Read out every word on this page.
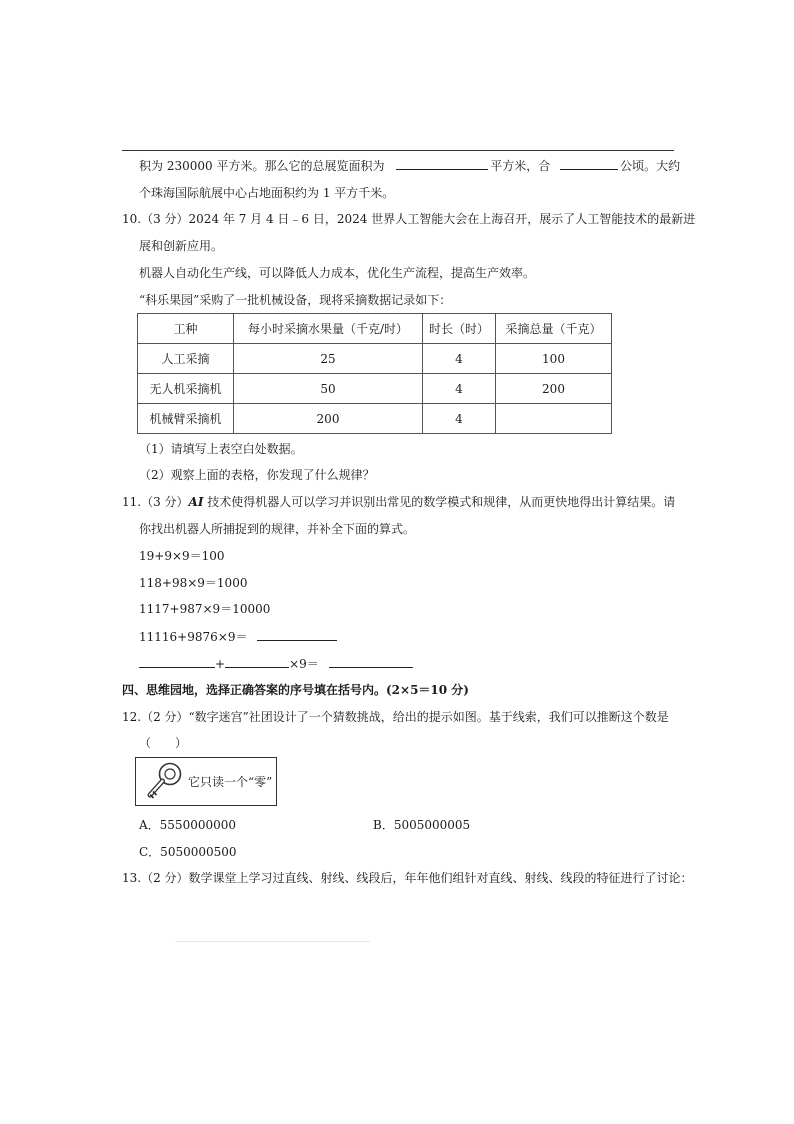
积为 230000 平方米。那么它的总展览面积为	平方米，合	公顷。大约
个珠海国际航展中心占地面积约为 1 平方千米。
10.（3 分）2024 年 7 月 4 日﹣6 日，2024 世界人工智能大会在上海召开，展示了人工智能技术的最新进
展和创新应用。
机器人自动化生产线，可以降低人力成本，优化生产流程，提高生产效率。
“科乐果园”采购了一批机械设备，现将采摘数据记录如下：
工种	每小时采摘水果量（千克/时）	时长（时）	采摘总量（千克）
人工采摘	25	4	100
无人机采摘机	50	4	200
机械臂采摘机	200	4	
（1）请填写上表空白处数据。
（2）观察上面的表格，你发现了什么规律？
11.（3 分）AI 技术使得机器人可以学习并识别出常见的数学模式和规律，从而更快地得出计算结果。请
你找出机器人所捕捉到的规律，并补全下面的算式。
19+9×9＝100
118+98×9＝1000
1117+987×9＝10000
11116+9876×9＝
+	×9＝
四、思维园地，选择正确答案的序号填在括号内。(2×5＝10 分)
12.（2 分）“数字迷宫”社团设计了一个猜数挑战，给出的提示如图。基于线索，我们可以推断这个数是
（　　）
它只读一个“零”
A．5550000000	B．5005000005
C．5050000500
13.（2 分）数学课堂上学习过直线、射线、线段后，年年他们组针对直线、射线、线段的特征进行了讨论：
